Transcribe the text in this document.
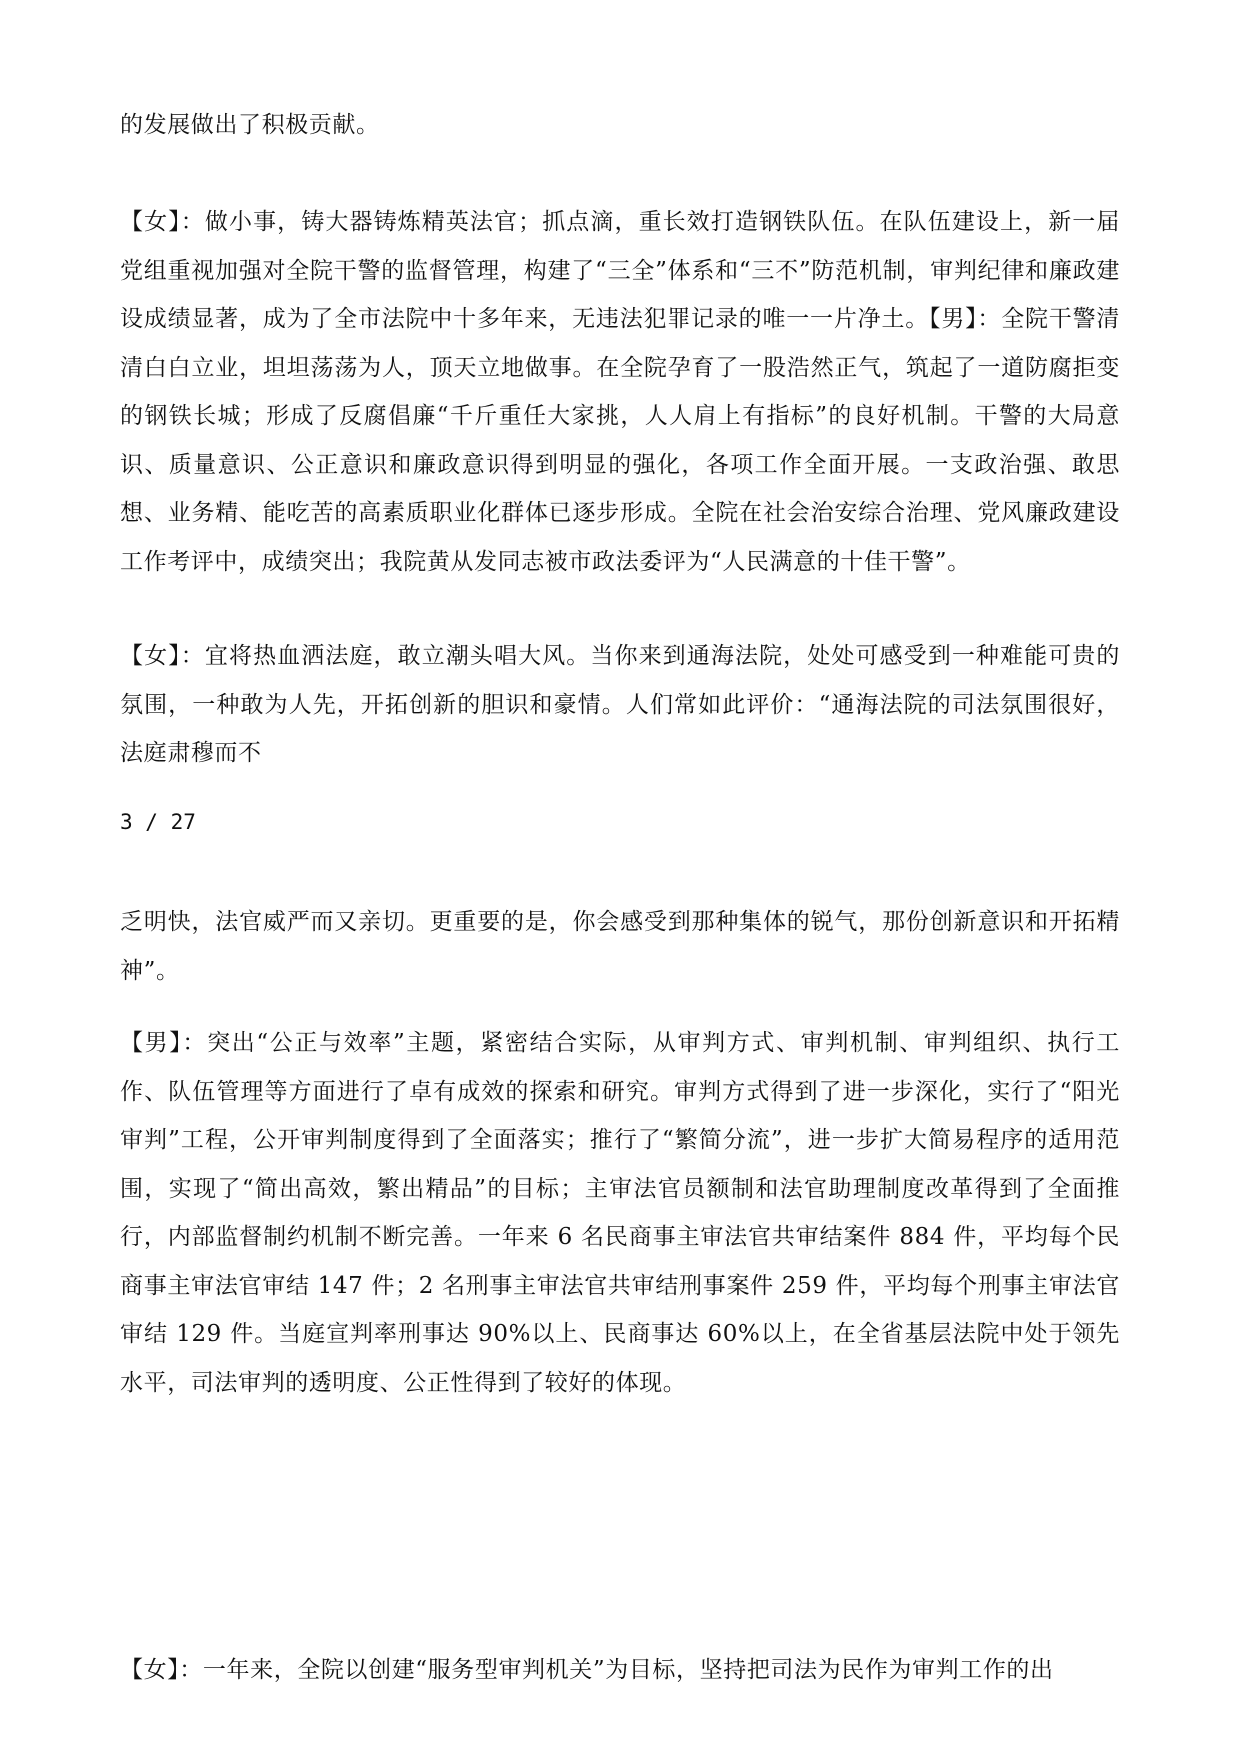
的发展做出了积极贡献。

【女】：做小事，铸大器铸炼精英法官；抓点滴，重长效打造钢铁队伍。在队伍建设上，新一届党组重视加强对全院干警的监督管理，构建了“三全”体系和“三不”防范机制，审判纪律和廉政建设成绩显著，成为了全市法院中十多年来，无违法犯罪记录的唯一一片净土。【男】：全院干警清清白白立业，坦坦荡荡为人，顶天立地做事。在全院孕育了一股浩然正气，筑起了一道防腐拒变的钢铁长城；形成了反腐倡廉“千斤重任大家挑，人人肩上有指标”的良好机制。干警的大局意识、质量意识、公正意识和廉政意识得到明显的强化，各项工作全面开展。一支政治强、敢思想、业务精、能吃苦的高素质职业化群体已逐步形成。全院在社会治安综合治理、党风廉政建设工作考评中，成绩突出；我院黄从发同志被市政法委评为“人民满意的十佳干警”。

【女】：宜将热血洒法庭，敢立潮头唱大风。当你来到通海法院，处处可感受到一种难能可贵的氛围，一种敢为人先，开拓创新的胆识和豪情。人们常如此评价：“通海法院的司法氛围很好，法庭肃穆而不

3 / 27

乏明快，法官威严而又亲切。更重要的是，你会感受到那种集体的锐气，那份创新意识和开拓精神”。

【男】：突出“公正与效率”主题，紧密结合实际，从审判方式、审判机制、审判组织、执行工作、队伍管理等方面进行了卓有成效的探索和研究。审判方式得到了进一步深化，实行了“阳光审判”工程，公开审判制度得到了全面落实；推行了“繁简分流”，进一步扩大简易程序的适用范围，实现了“简出高效，繁出精品”的目标；主审法官员额制和法官助理制度改革得到了全面推行，内部监督制约机制不断完善。一年来 6 名民商事主审法官共审结案件 884 件，平均每个民商事主审法官审结 147 件；2 名刑事主审法官共审结刑事案件 259 件，平均每个刑事主审法官审结 129 件。当庭宣判率刑事达 90%以上、民商事达 60%以上，在全省基层法院中处于领先水平，司法审判的透明度、公正性得到了较好的体现。

【女】：一年来，全院以创建“服务型审判机关”为目标，坚持把司法为民作为审判工作的出
